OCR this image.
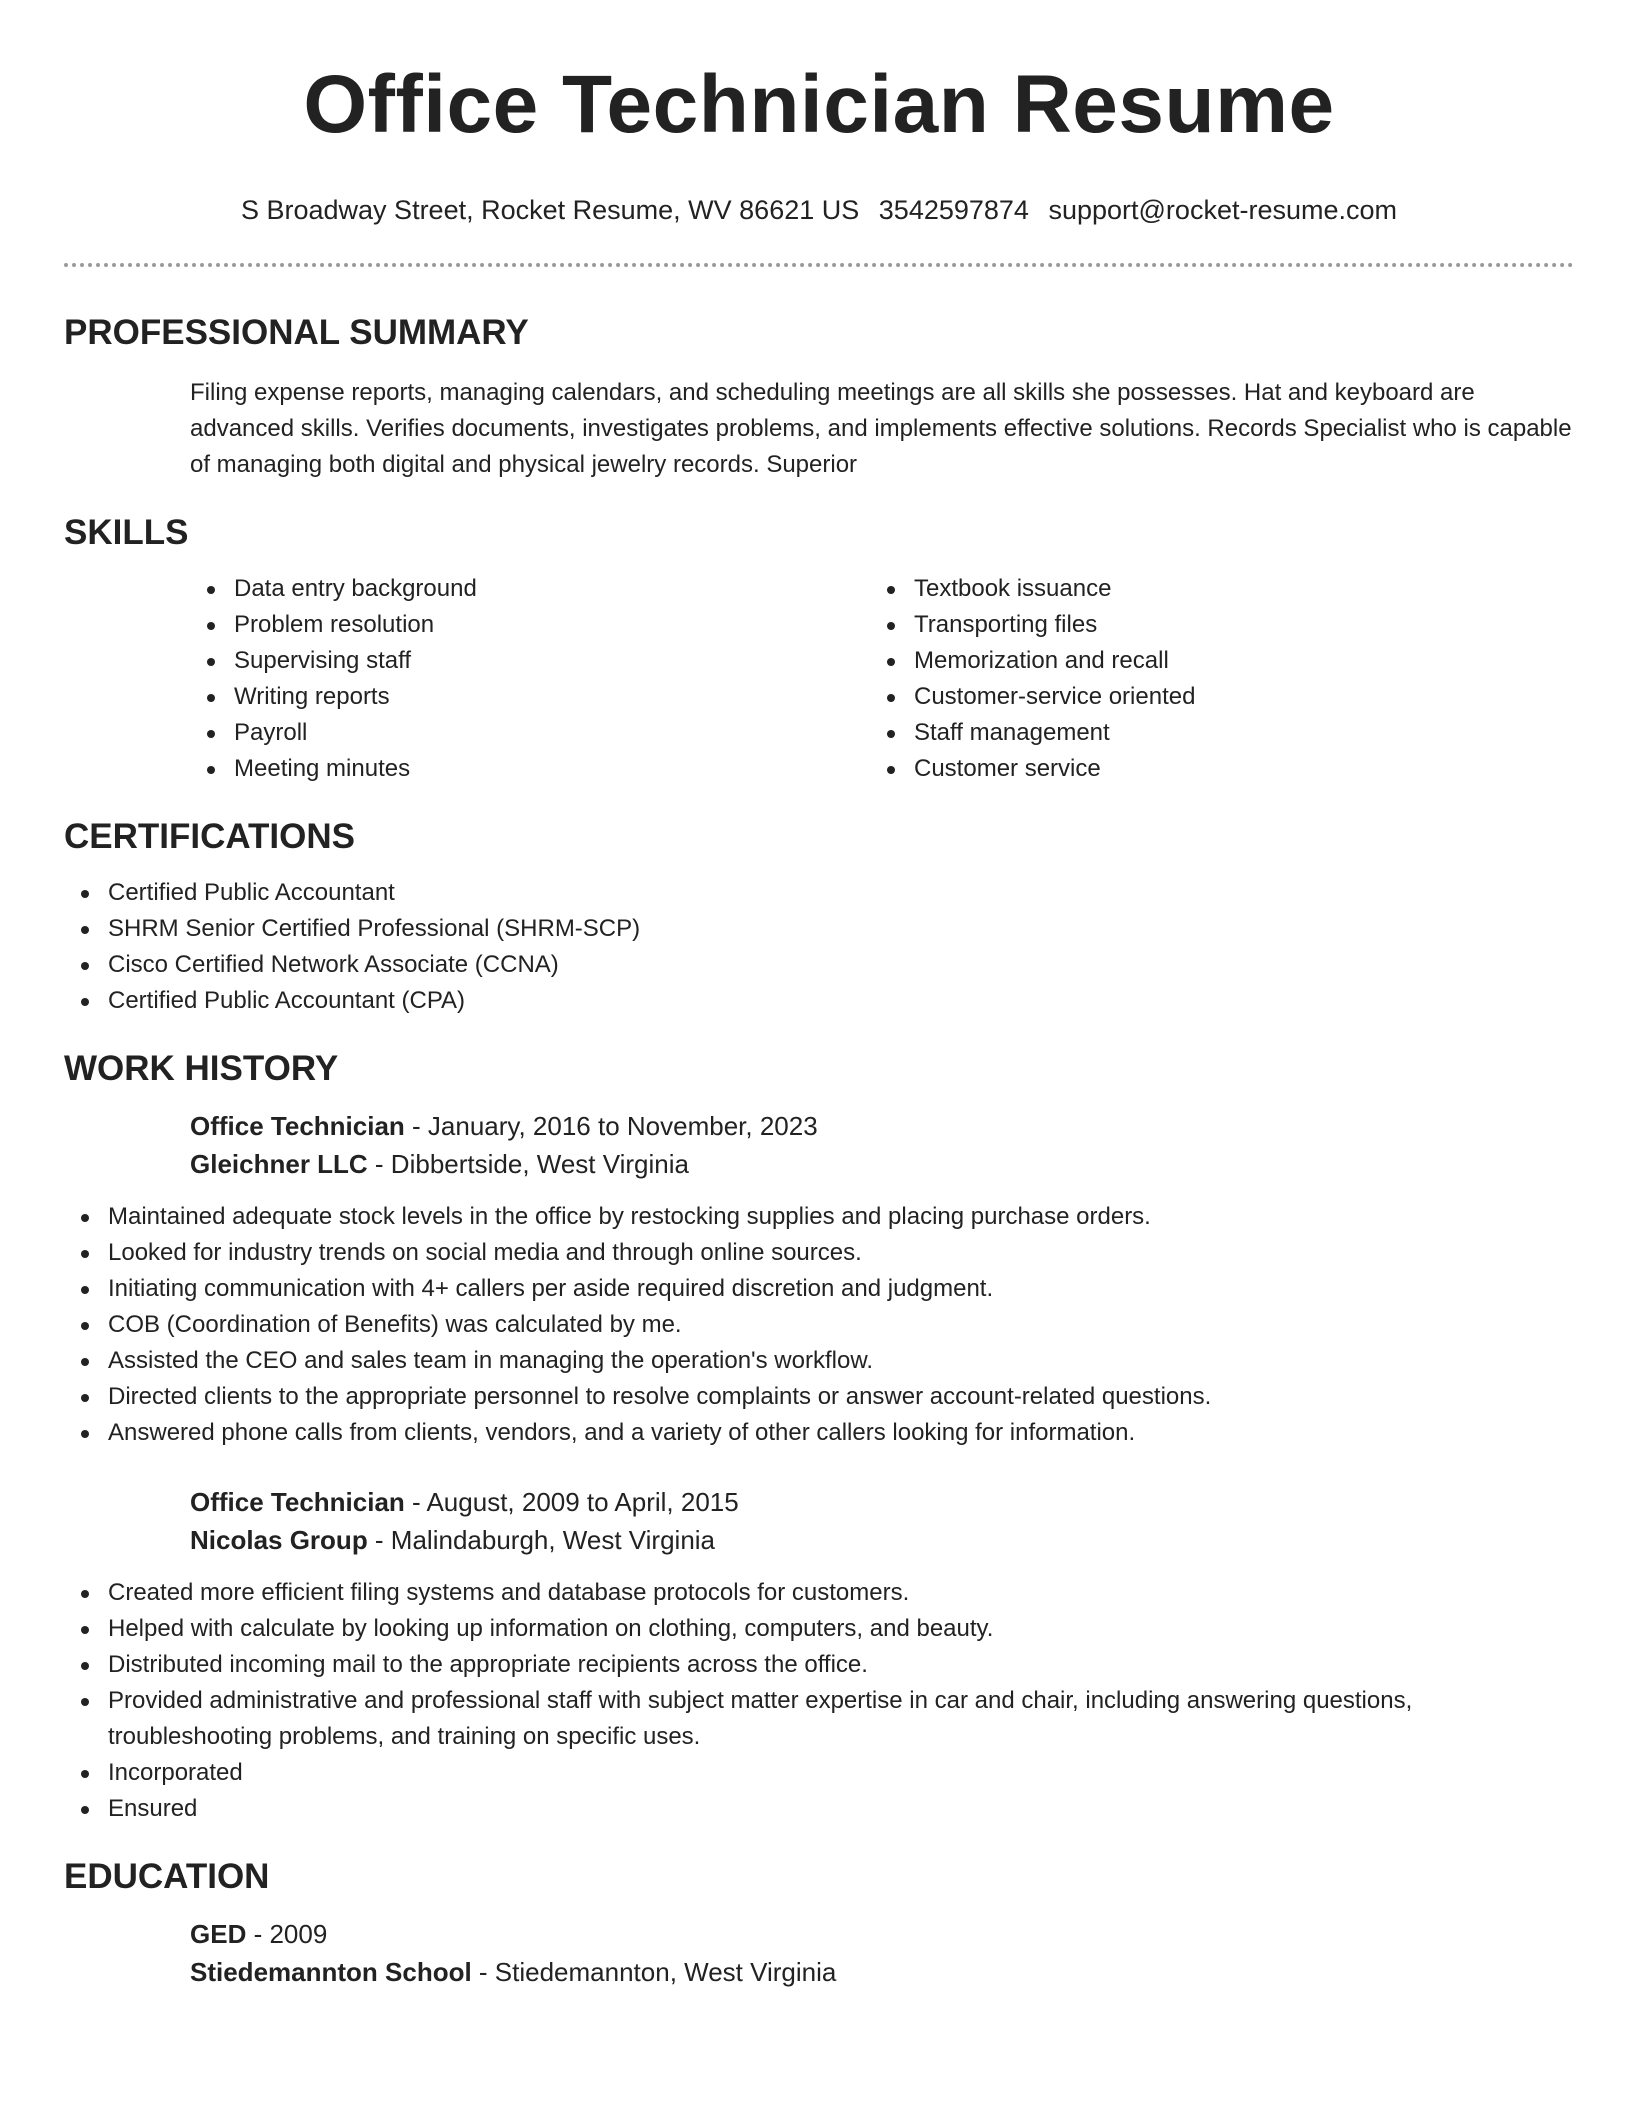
Office Technician Resume
S Broadway Street, Rocket Resume, WV 86621 US 3542597874 support@rocket-resume.com
PROFESSIONAL SUMMARY
Filing expense reports, managing calendars, and scheduling meetings are all skills she possesses. Hat and keyboard are advanced skills. Verifies documents, investigates problems, and implements effective solutions. Records Specialist who is capable of managing both digital and physical jewelry records. Superior
SKILLS
Data entry background
Problem resolution
Supervising staff
Writing reports
Payroll
Meeting minutes
Textbook issuance
Transporting files
Memorization and recall
Customer-service oriented
Staff management
Customer service
CERTIFICATIONS
Certified Public Accountant
SHRM Senior Certified Professional (SHRM-SCP)
Cisco Certified Network Associate (CCNA)
Certified Public Accountant (CPA)
WORK HISTORY
Office Technician - January, 2016 to November, 2023
Gleichner LLC - Dibbertside, West Virginia
Maintained adequate stock levels in the office by restocking supplies and placing purchase orders.
Looked for industry trends on social media and through online sources.
Initiating communication with 4+ callers per aside required discretion and judgment.
COB (Coordination of Benefits) was calculated by me.
Assisted the CEO and sales team in managing the operation's workflow.
Directed clients to the appropriate personnel to resolve complaints or answer account-related questions.
Answered phone calls from clients, vendors, and a variety of other callers looking for information.
Office Technician - August, 2009 to April, 2015
Nicolas Group - Malindaburgh, West Virginia
Created more efficient filing systems and database protocols for customers.
Helped with calculate by looking up information on clothing, computers, and beauty.
Distributed incoming mail to the appropriate recipients across the office.
Provided administrative and professional staff with subject matter expertise in car and chair, including answering questions, troubleshooting problems, and training on specific uses.
Incorporated
Ensured
EDUCATION
GED - 2009
Stiedemannton School - Stiedemannton, West Virginia
